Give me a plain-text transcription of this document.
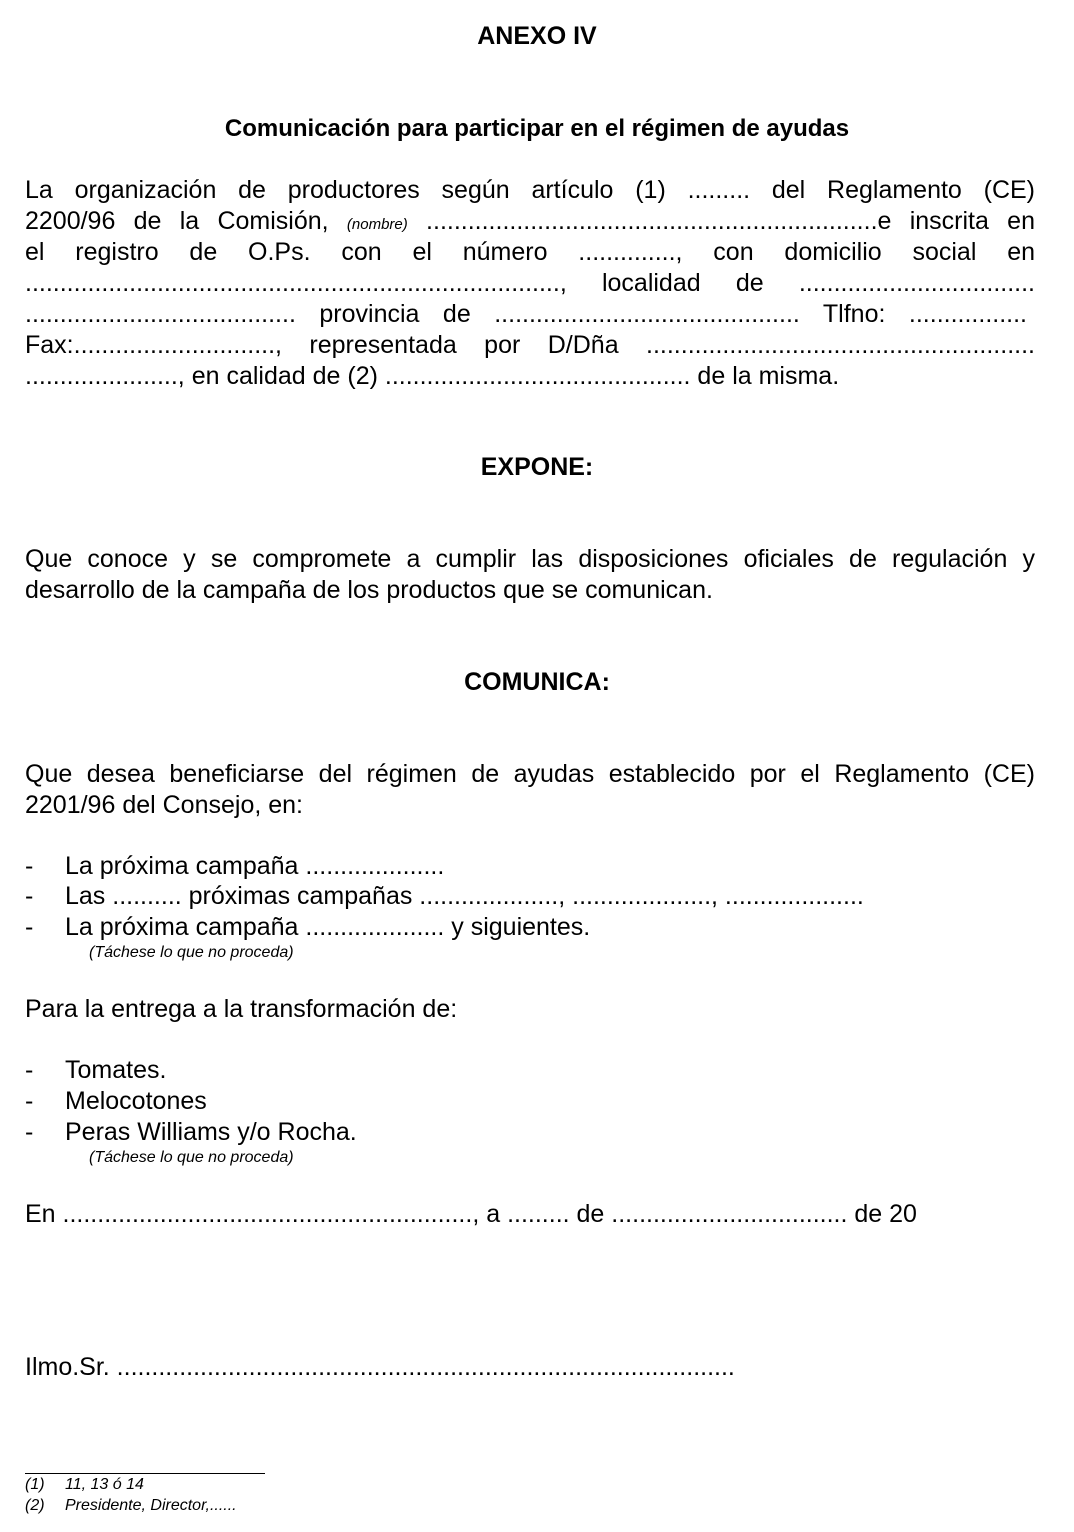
ANEXO IV
Comunicación para participar en el régimen de ayudas
La organización de productores según artículo (1) ......... del Reglamento (CE)
2200/96 de la Comisión, (nombre) .................................................................e inscrita en
el registro de O.Ps. con el número .............., con domicilio social en
............................................................................., localidad de ..................................
....................................... provincia de ............................................ Tlfno: .................
Fax:............................., representada por D/Dña ........................................................
......................, en calidad de (2) ............................................ de la misma.
EXPONE:
Que conoce y se compromete a cumplir las disposiciones oficiales de regulación y
desarrollo de la campaña de los productos que se comunican.
COMUNICA:
Que desea beneficiarse del régimen de ayudas establecido por el Reglamento (CE)
2201/96 del Consejo, en:
- La próxima campaña ....................
- Las .......... próximas campañas ...................., ...................., ....................
- La próxima campaña .................... y siguientes.
(Táchese lo que no proceda)
Para la entrega a la transformación de:
- Tomates.
- Melocotones
- Peras Williams y/o Rocha.
(Táchese lo que no proceda)
En ..........................................................., a ......... de .................................. de 20
Ilmo.Sr. .........................................................................................
(1) 11, 13 ó 14
(2) Presidente, Director,......
